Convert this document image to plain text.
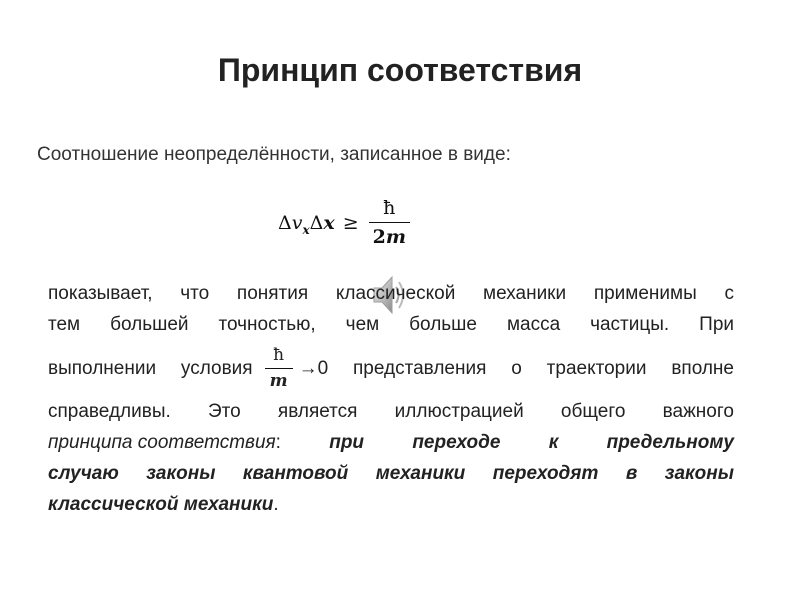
Принцип соответствия
Соотношение неопределённости, записанное в виде:
$\Delta v_x\Delta x \ge \frac{ħ}{2m}$
показывает, что понятия классической механики применимы с
тем большей точностью, чем больше масса частицы. При
выполнении условия $\frac{ħ}{m} \to 0$ представления о траектории вполне
справедливы. Это является иллюстрацией общего важного
принципа соответствия:	при	переходе	к	предельному
случаю законы квантовой механики переходят в законы
классической механики .
